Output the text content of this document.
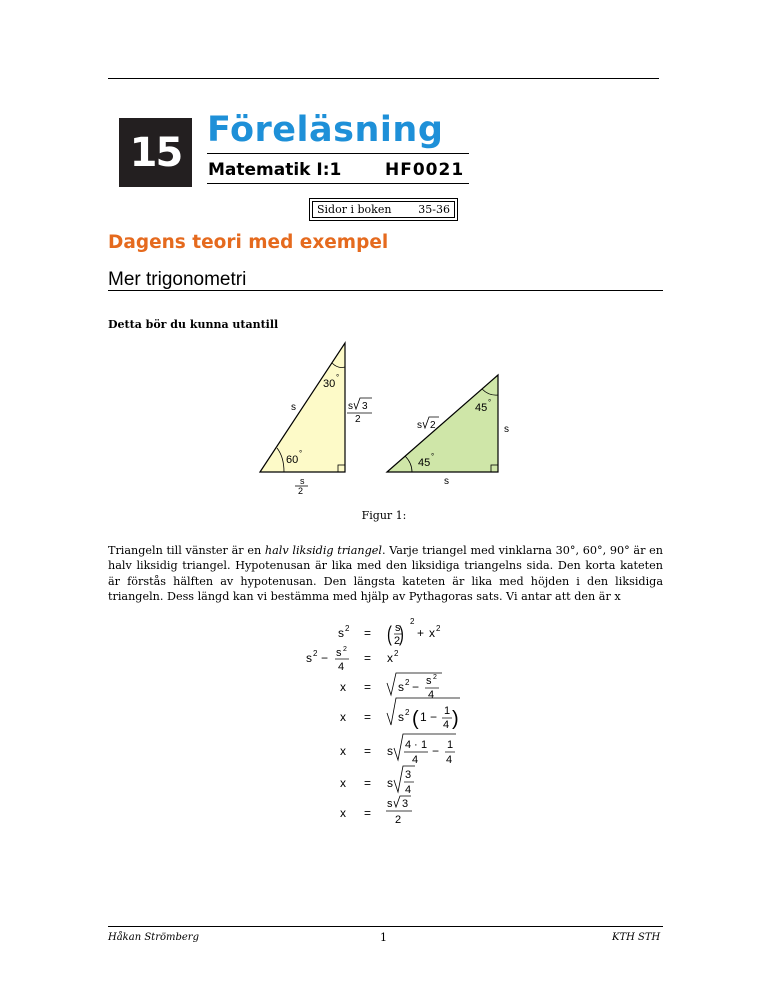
15 Föreläsning
Matematik I:1	HF0021
Sidor i boken 35-36
Dagens teori med exempel
Mer trigonometri
Detta bör du kunna utantill
30
°
60
°
s	s 3
2
s
2
45 °
45
°
s 2	s
s
Figur 1:
Triangeln till vänster är en halv liksidig triangel. Varje triangel med vinklarna 30°, 60°, 90° är en halv liksidig triangel. Hypotenusan är lika med den liksidiga triangelns sida. Den korta kateten är förstås hälften av hypotenusan. Den längsta kateten är lika med höjden i den liksidiga triangeln. Dess längd kan vi bestämma med hjälp av Pythagoras sats. Vi antar att den är x
s 2 = ( s
2
)
2
+ x 2
s 2 − s 2
4
= x 2
x = s 2 − s 2
4
x = s 2 ( 1 − 1
4 )
x = s 4 · 1
4
− 1
4
x = s
3
4
x =
s 3
2
Håkan Strömberg	1	KTH STH
